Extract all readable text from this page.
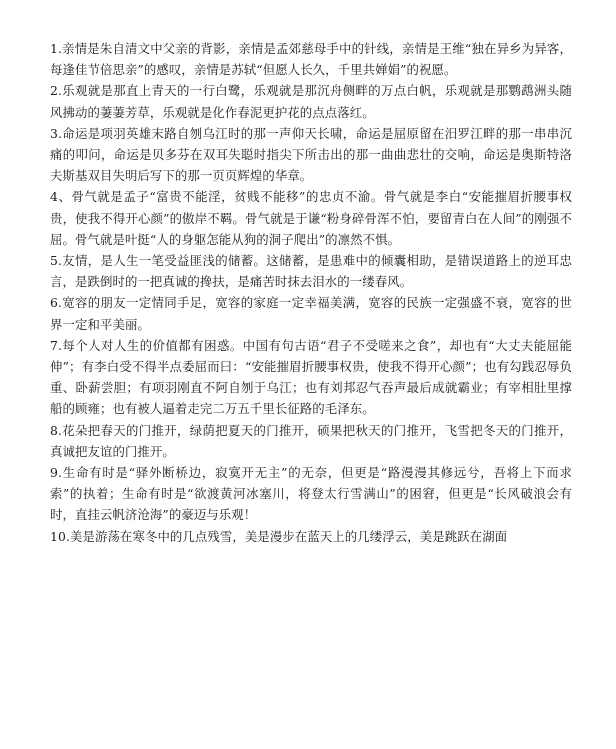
1.亲情是朱自清文中父亲的背影，亲情是孟郊慈母手中的针线，亲情是王维“独在异乡为异客，每逢佳节倍思亲”的感叹，亲情是苏轼“但愿人长久，千里共婵娟”的祝愿。

2.乐观就是那直上青天的一行白鹭，乐观就是那沉舟侧畔的万点白帆，乐观就是那鹦鹉洲头随风拂动的萋萋芳草，乐观就是化作春泥更护花的点点落红。

3.命运是项羽英雄末路自刎乌江时的那一声仰天长啸，命运是屈原留在汨罗江畔的那一串串沉痛的叩问，命运是贝多芬在双耳失聪时指尖下所击出的那一曲曲悲壮的交响，命运是奥斯特洛夫斯基双目失明后写下的那一页页辉煌的华章。

4、骨气就是孟子“富贵不能淫，贫贱不能移”的忠贞不渝。骨气就是李白“安能摧眉折腰事权贵，使我不得开心颜”的傲岸不羁。骨气就是于谦“粉身碎骨浑不怕，要留青白在人间”的刚强不屈。骨气就是叶挺“人的身躯怎能从狗的洞子爬出”的凛然不惧。

5.友情，是人生一笔受益匪浅的储蓄。这储蓄，是患难中的倾囊相助，是错误道路上的逆耳忠言，是跌倒时的一把真诚的搀扶，是痛苦时抹去泪水的一缕春风。

6.宽容的朋友一定情同手足，宽容的家庭一定幸福美满，宽容的民族一定强盛不衰，宽容的世界一定和平美丽。

7.每个人对人生的价值都有困惑。中国有句古语“君子不受嗟来之食”，却也有“大丈夫能屈能伸”；有李白受不得半点委屈而曰：“安能摧眉折腰事权贵，使我不得开心颜”；也有勾践忍辱负重、卧薪尝胆；有项羽刚直不阿自刎于乌江；也有刘邦忍气吞声最后成就霸业；有宰相肚里撑船的顾雍；也有被人逼着走完二万五千里长征路的毛泽东。

8.花朵把春天的门推开，绿荫把夏天的门推开，硕果把秋天的门推开，飞雪把冬天的门推开，真诚把友谊的门推开。

9.生命有时是“驿外断桥边，寂寞开无主”的无奈，但更是“路漫漫其修远兮，吾将上下而求索”的执着；生命有时是“欲渡黄河冰塞川，将登太行雪满山”的困窘，但更是“长风破浪会有时，直挂云帆济沧海”的豪迈与乐观！

10.美是游荡在寒冬中的几点残雪，美是漫步在蓝天上的几缕浮云，美是跳跃在湖面
